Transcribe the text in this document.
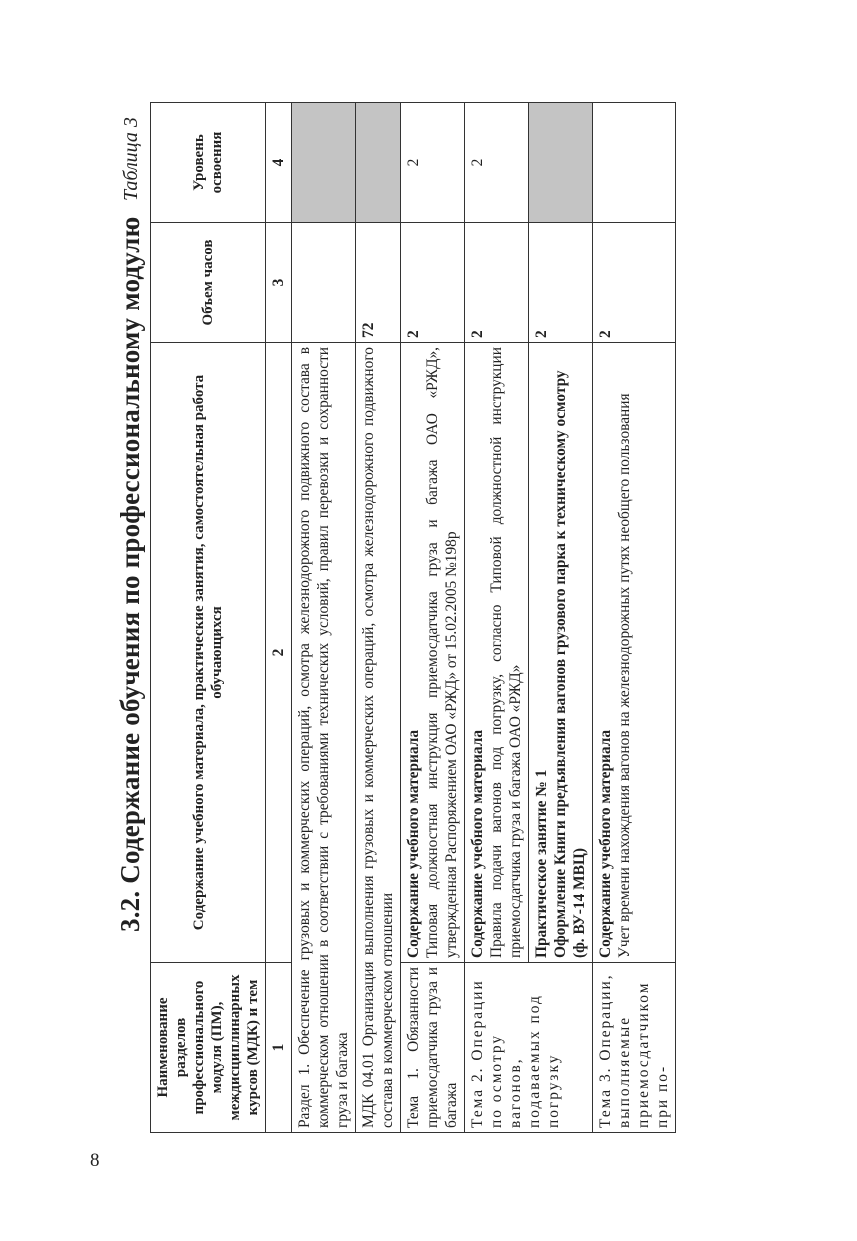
8
3.2. Содержание обучения по профессиональному модулю
Таблица 3
Наименование разделов профессионального модуля (ПМ), междисциплинарных курсов (МДК) и тем	Содержание учебного материала, практические занятия, самостоятельная работа обучающихся	Объем часов	Уровень освоения
1	2	3	4
Раздел 1. Обеспечение грузовых и коммерческих операций, осмотра железнодорожного подвижного состава в коммерческом отношении в соответствии с требованиями технических условий, правил перевозки и сохранности груза и багажа			
МДК 04.01 Организация выполнения грузовых и коммерческих операций, осмотра железнодорожного подвижного состава в коммерческом отношении		72	
Тема 1. Обязанности приемосдатчика груза и багажа	Содержание учебного материала Типовая должностная инструкция приемосдатчика груза и багажа ОАО «РЖД», утвержденная Распоряжением ОАО «РЖД» от 15.02.2005 №198р	2	2
Тема 2. Операции по осмотру вагонов, подаваемых под погрузку	Содержание учебного материала Правила подачи вагонов под погрузку, согласно Типовой должностной инструкции приемосдатчика груза и багажа ОАО «РЖД»	2	2

	Практическое занятие № 1 Оформление Книги предъявления вагонов грузового парка к техническому осмотру (ф. ВУ-14 МВЦ)	2	
Тема 3. Операции, выполняемые приемосдатчиком при по-	Содержание учебного материала Учет времени нахождения вагонов на железнодорожных путях необщего пользования	2	
